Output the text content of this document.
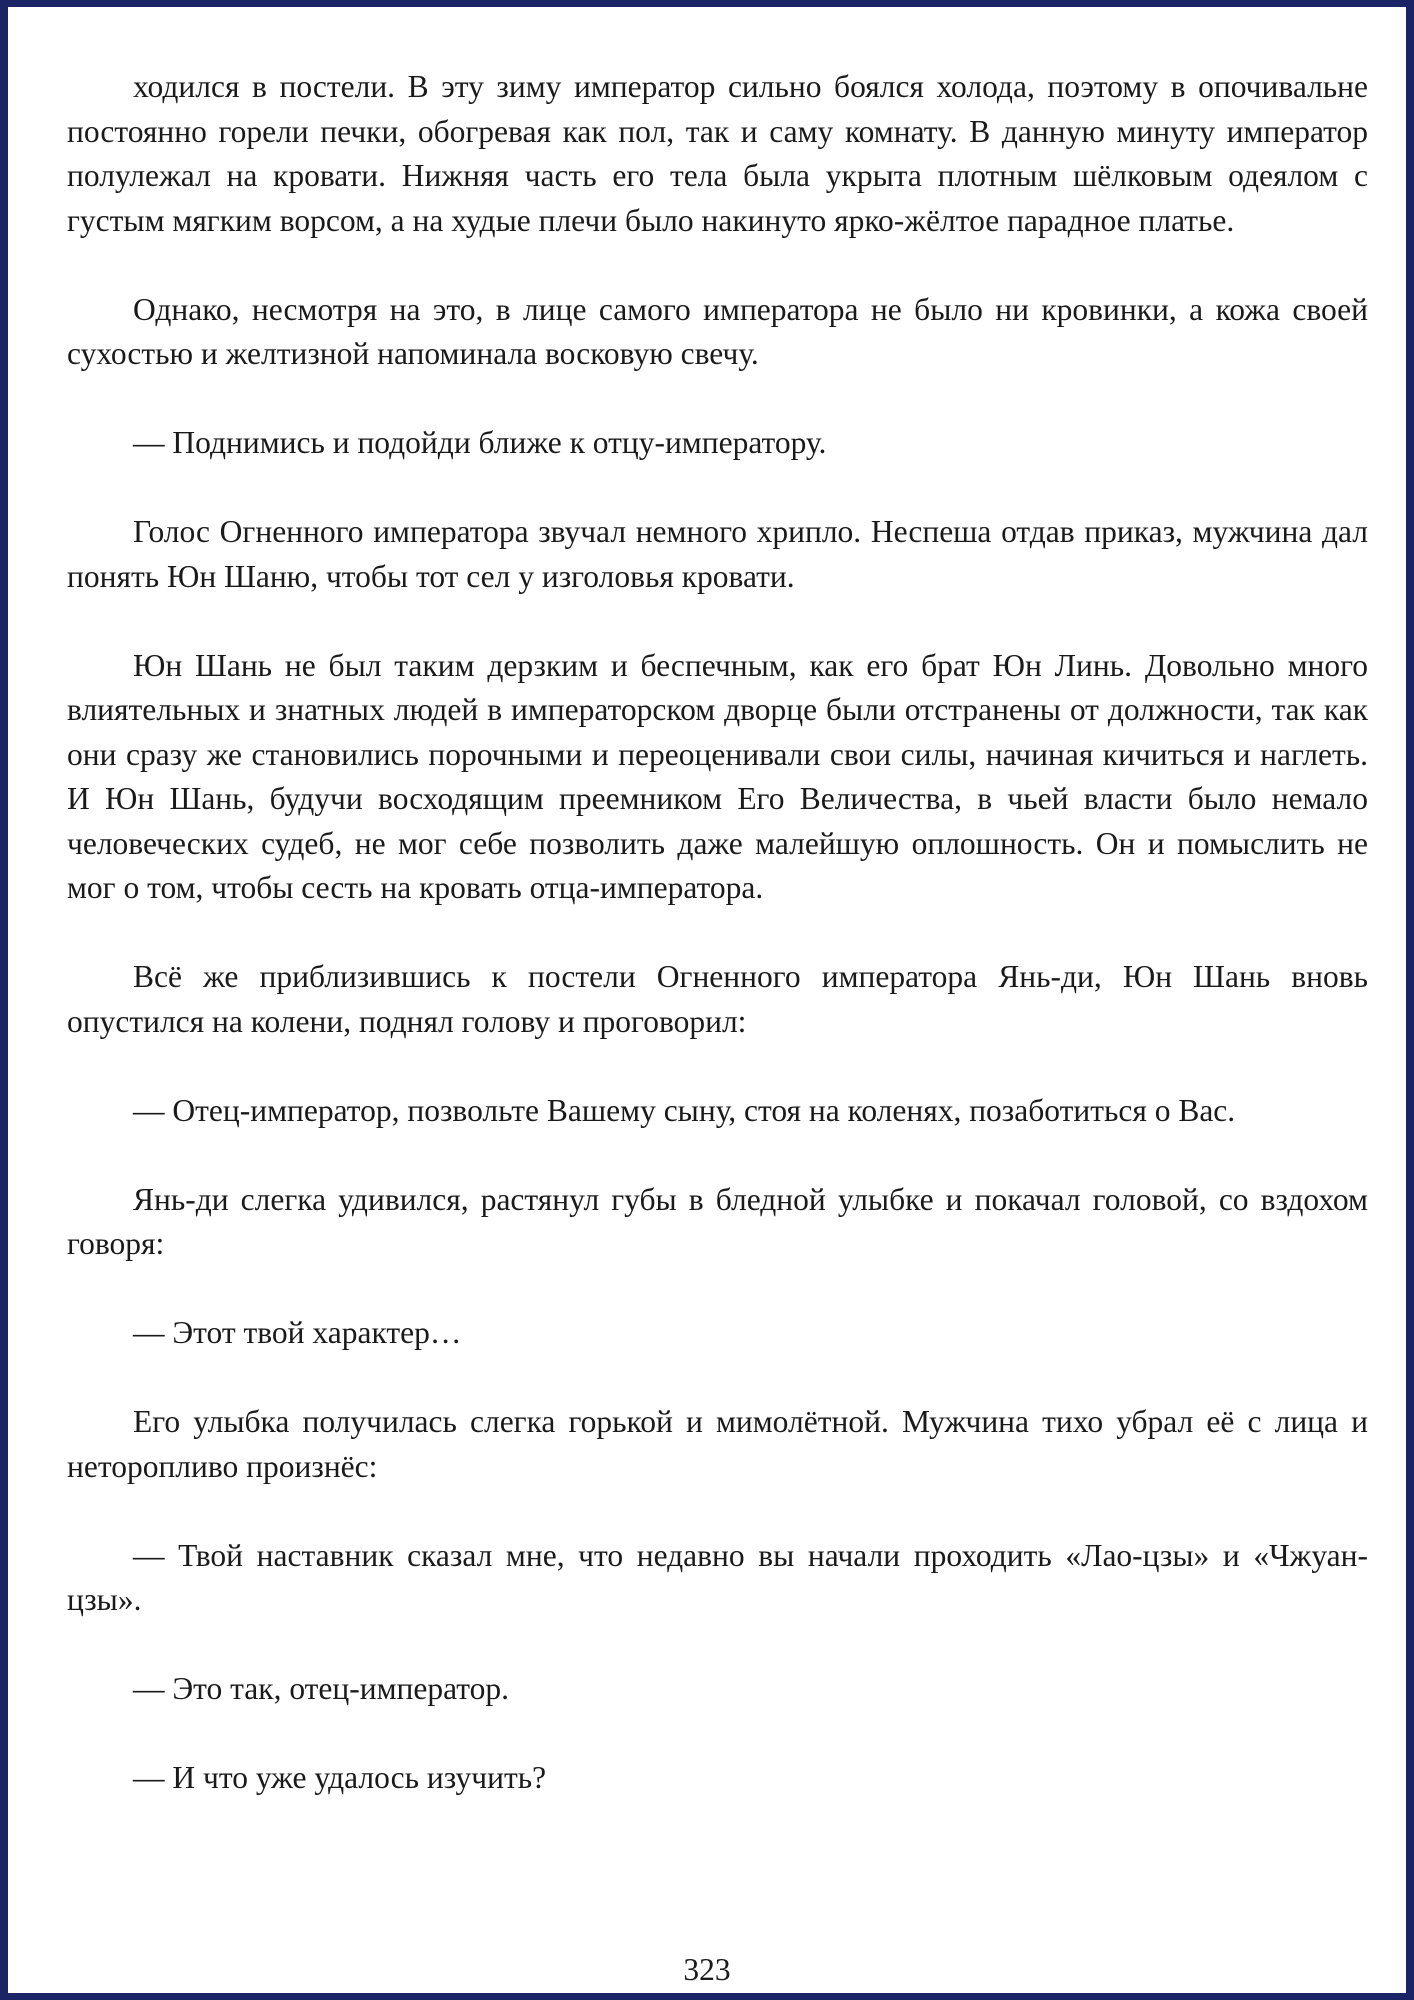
ходился в постели. В эту зиму император сильно боялся холода, поэтому в опочивальне постоянно горели печки, обогревая как пол, так и саму комнату. В данную минуту император полулежал на кровати. Нижняя часть его тела была укрыта плотным шёлковым одеялом с густым мягким ворсом, а на худые плечи было накинуто ярко-жёлтое парадное платье.

Однако, несмотря на это, в лице самого императора не было ни кровинки, а кожа своей сухостью и желтизной напоминала восковую свечу.

— Поднимись и подойди ближе к отцу-императору.

Голос Огненного императора звучал немного хрипло. Неспеша отдав приказ, мужчина дал понять Юн Шаню, чтобы тот сел у изголовья кровати.

Юн Шань не был таким дерзким и беспечным, как его брат Юн Линь. Довольно много влиятельных и знатных людей в императорском дворце были отстранены от должности, так как они сразу же становились порочными и переоценивали свои силы, начиная кичиться и наглеть. И Юн Шань, будучи восходящим преемником Его Величества, в чьей власти было немало человеческих судеб, не мог себе позволить даже малейшую оплошность. Он и помыслить не мог о том, чтобы сесть на кровать отца-императора.

Всё же приблизившись к постели Огненного императора Янь-ди, Юн Шань вновь опустился на колени, поднял голову и проговорил:

— Отец-император, позвольте Вашему сыну, стоя на коленях, позаботиться о Вас.

Янь-ди слегка удивился, растянул губы в бледной улыбке и покачал головой, со вздохом говоря:

— Этот твой характер…

Его улыбка получилась слегка горькой и мимолётной. Мужчина тихо убрал её с лица и неторопливо произнёс:

— Твой наставник сказал мне, что недавно вы начали проходить «Лао-цзы» и «Чжуан-цзы».

— Это так, отец-император.

— И что уже удалось изучить?

323
